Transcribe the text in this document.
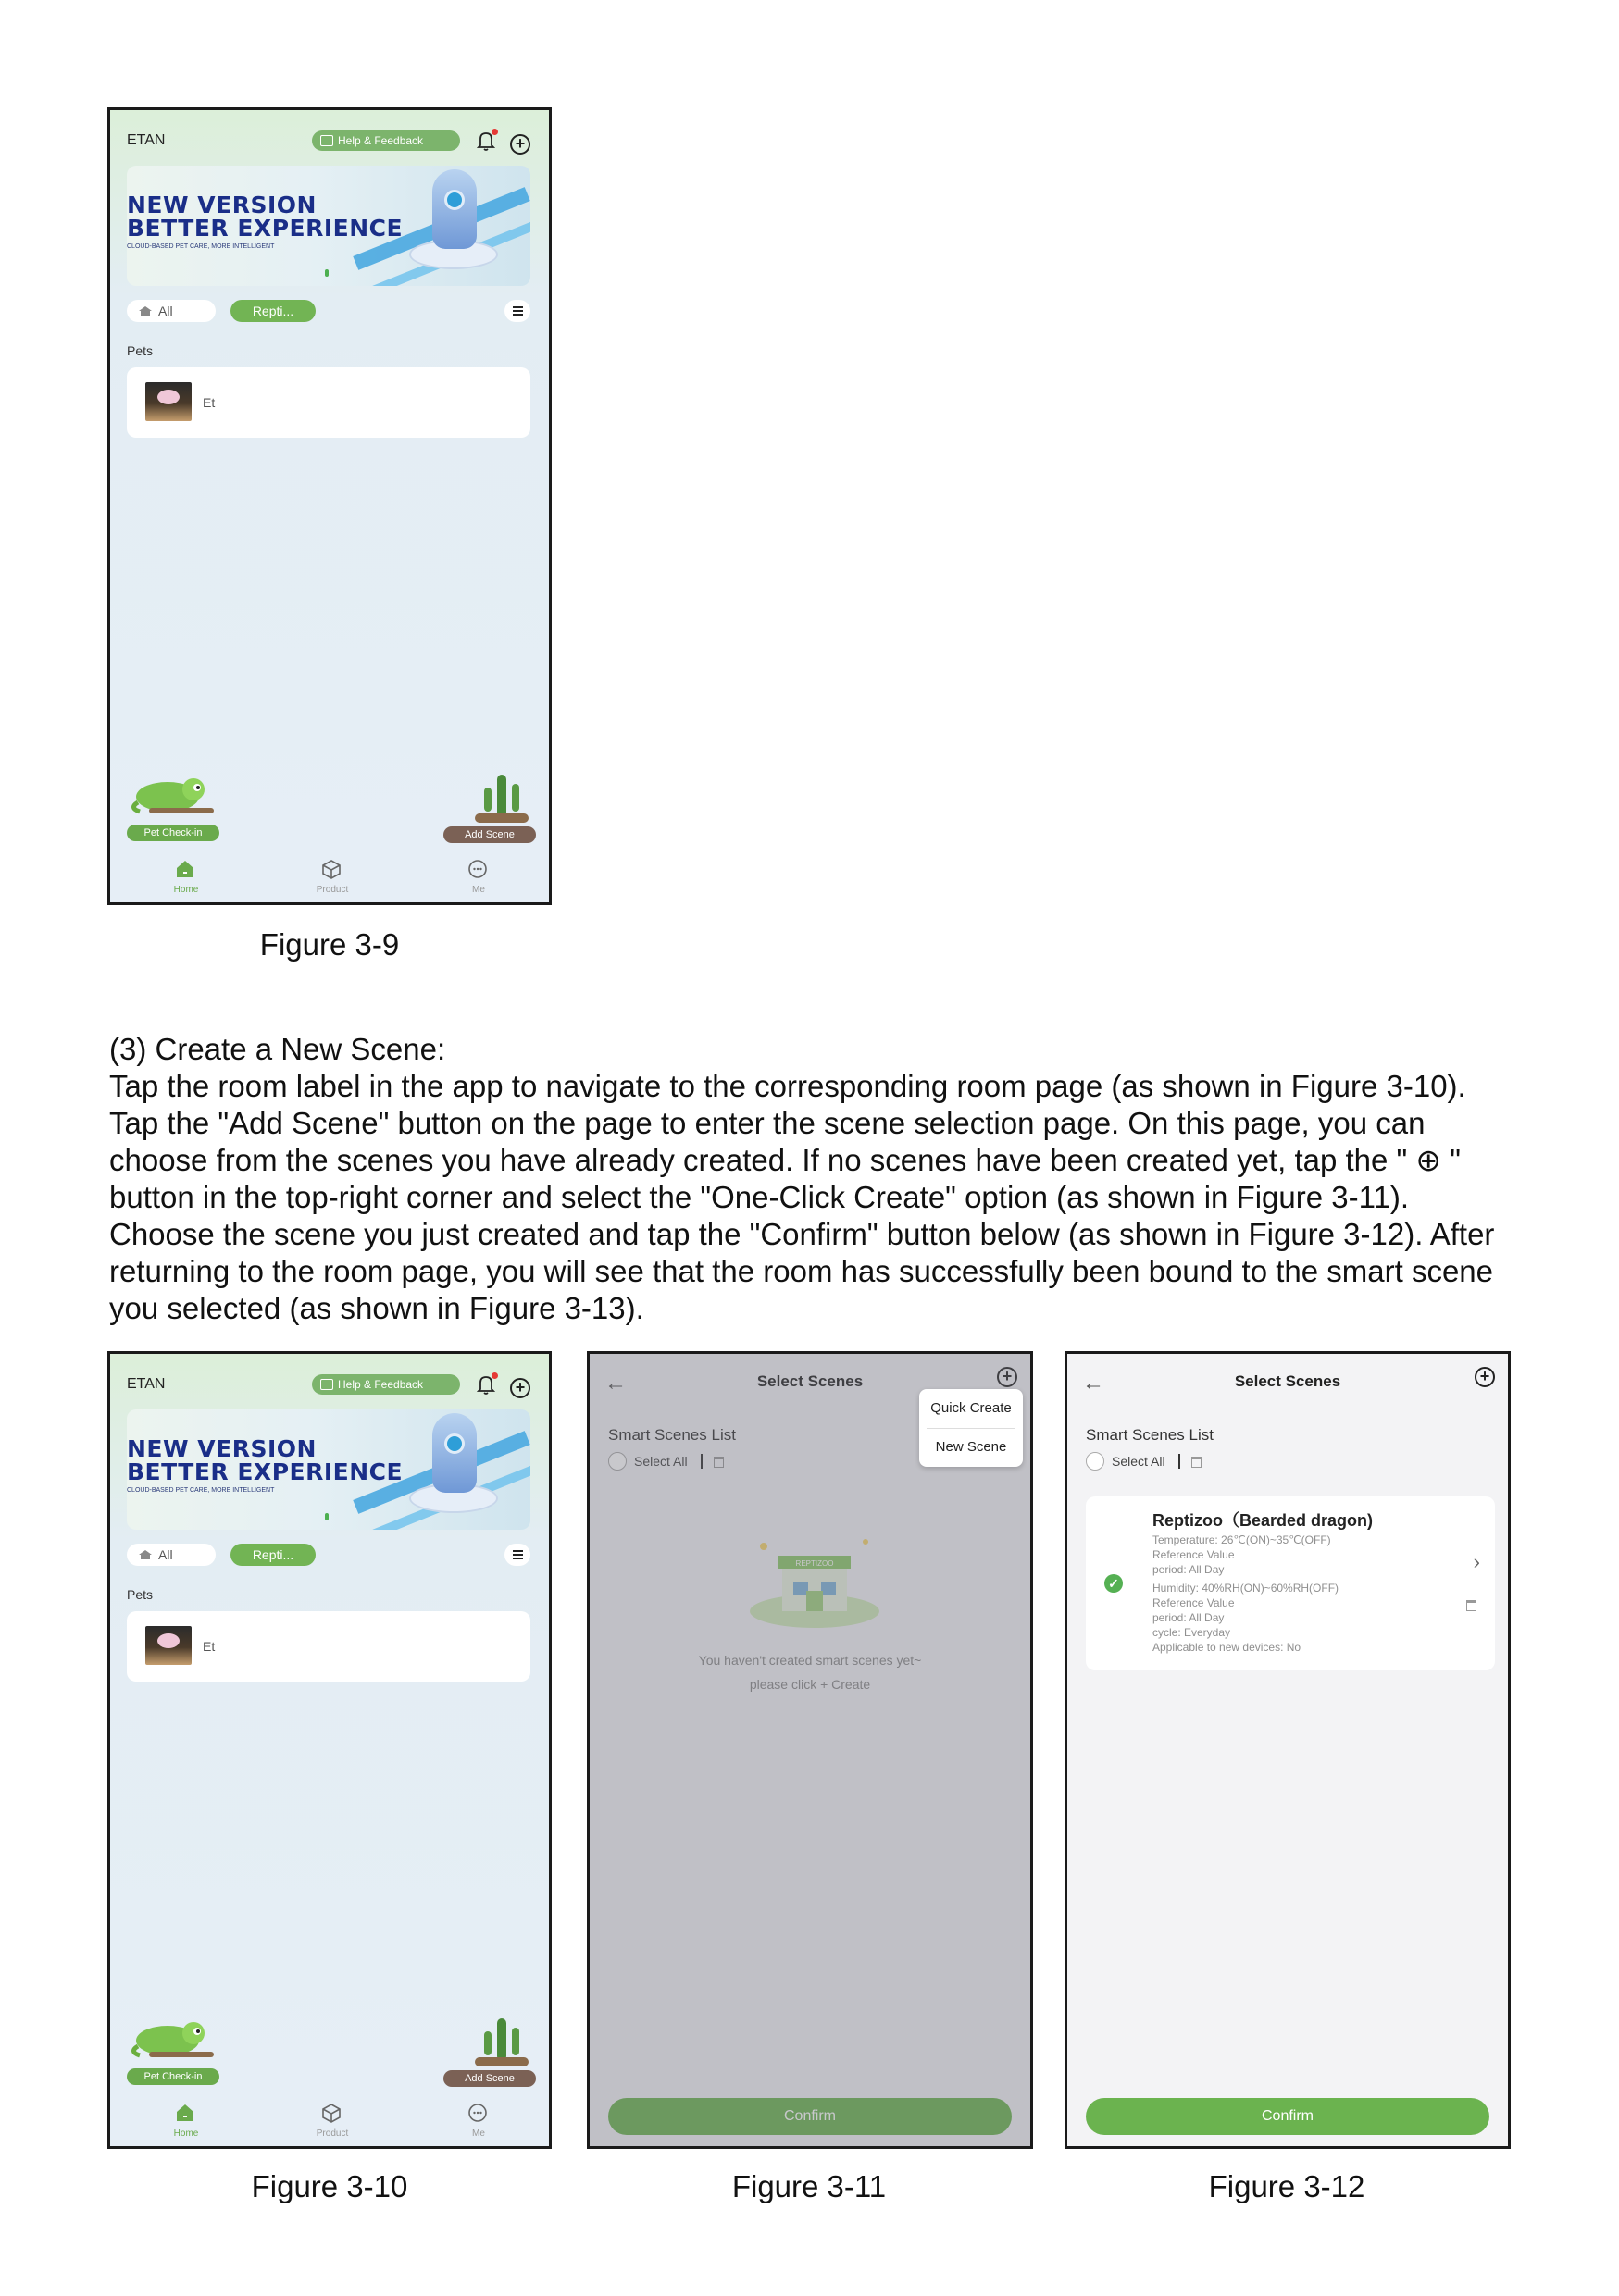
ETAN	Help & Feedback	+
NEW VERSION
BETTER EXPERIENCE
CLOUD-BASED PET CARE, MORE INTELLIGENT
All	Repti...
Pets
Et
Pet Check-in	Add Scene
Home	Product	Me
Figure 3-9
(3) Create a New Scene:
Tap the room label in the app to navigate to the corresponding room page (as shown in Figure 3-10).
Tap the "Add Scene" button on the page to enter the scene selection page. On this page, you can
choose from the scenes you have already created. If no scenes have been created yet, tap the " ⊕ "
button in the top-right corner and select the "One-Click Create" option (as shown in Figure 3-11).
Choose the scene you just created and tap the "Confirm" button below (as shown in Figure 3-12). After
returning to the room page, you will see that the room has successfully been bound to the smart scene
you selected (as shown in Figure 3-13).
ETAN	Help & Feedback	+
NEW VERSION
BETTER EXPERIENCE
CLOUD-BASED PET CARE, MORE INTELLIGENT
All	Repti...
Pets
Et
Pet Check-in	Add Scene
Home	Product	Me
Figure 3-10
←	Select Scenes	+
Smart Scenes List
Select All
REPTIZOO
You haven't created smart scenes yet~
please click + Create
Confirm
Quick Create
New Scene
Figure 3-11
←	Select Scenes	+
Smart Scenes List
Select All
✓
Reptizoo（Bearded dragon)
Temperature: 26℃(ON)~35℃(OFF)
Reference Value
period: All Day
Humidity: 40%RH(ON)~60%RH(OFF)
Reference Value
period: All Day
cycle: Everyday
Applicable to new devices: No
›
Confirm
Figure 3-12
